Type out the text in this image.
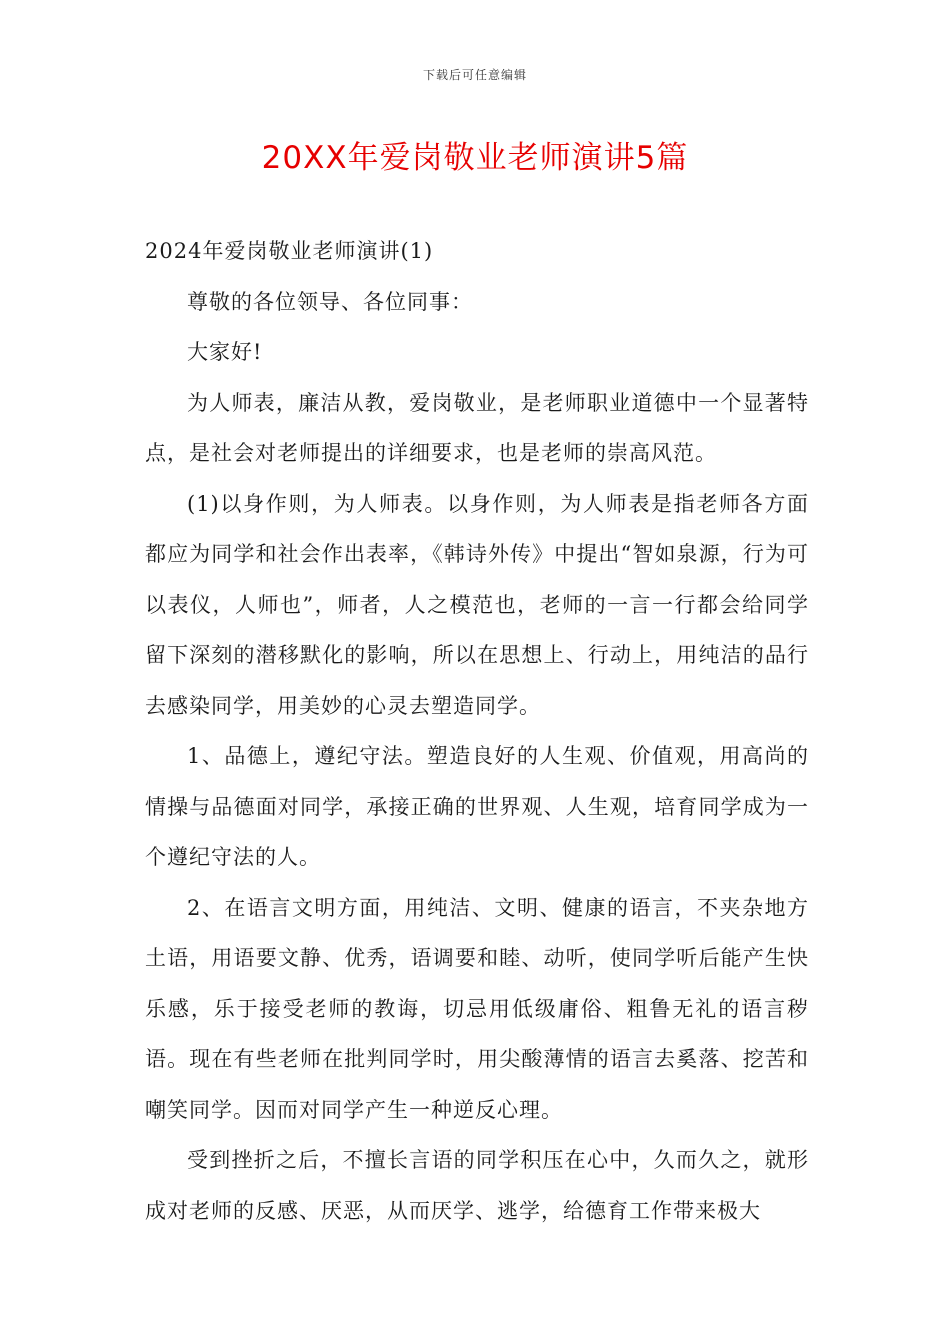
下载后可任意编辑
20XX年爱岗敬业老师演讲5篇

2024年爱岗敬业老师演讲(1)

尊敬的各位领导、各位同事：

大家好!

为人师表，廉洁从教，爱岗敬业，是老师职业道德中一个显著特点，是社会对老师提出的详细要求，也是老师的崇高风范。

(1)以身作则，为人师表。以身作则，为人师表是指老师各方面都应为同学和社会作出表率，《韩诗外传》中提出“智如泉源，行为可以表仪，人师也”，师者，人之模范也，老师的一言一行都会给同学留下深刻的潜移默化的影响，所以在思想上、行动上，用纯洁的品行去感染同学，用美妙的心灵去塑造同学。

1、品德上，遵纪守法。塑造良好的人生观、价值观，用高尚的情操与品德面对同学，承接正确的世界观、人生观，培育同学成为一个遵纪守法的人。

2、在语言文明方面，用纯洁、文明、健康的语言，不夹杂地方土语，用语要文静、优秀，语调要和睦、动听，使同学听后能产生快乐感，乐于接受老师的教诲，切忌用低级庸俗、粗鲁无礼的语言秽语。现在有些老师在批判同学时，用尖酸薄情的语言去奚落、挖苦和嘲笑同学。因而对同学产生一种逆反心理。

受到挫折之后，不擅长言语的同学积压在心中，久而久之，就形成对老师的反感、厌恶，从而厌学、逃学，给德育工作带来极大
